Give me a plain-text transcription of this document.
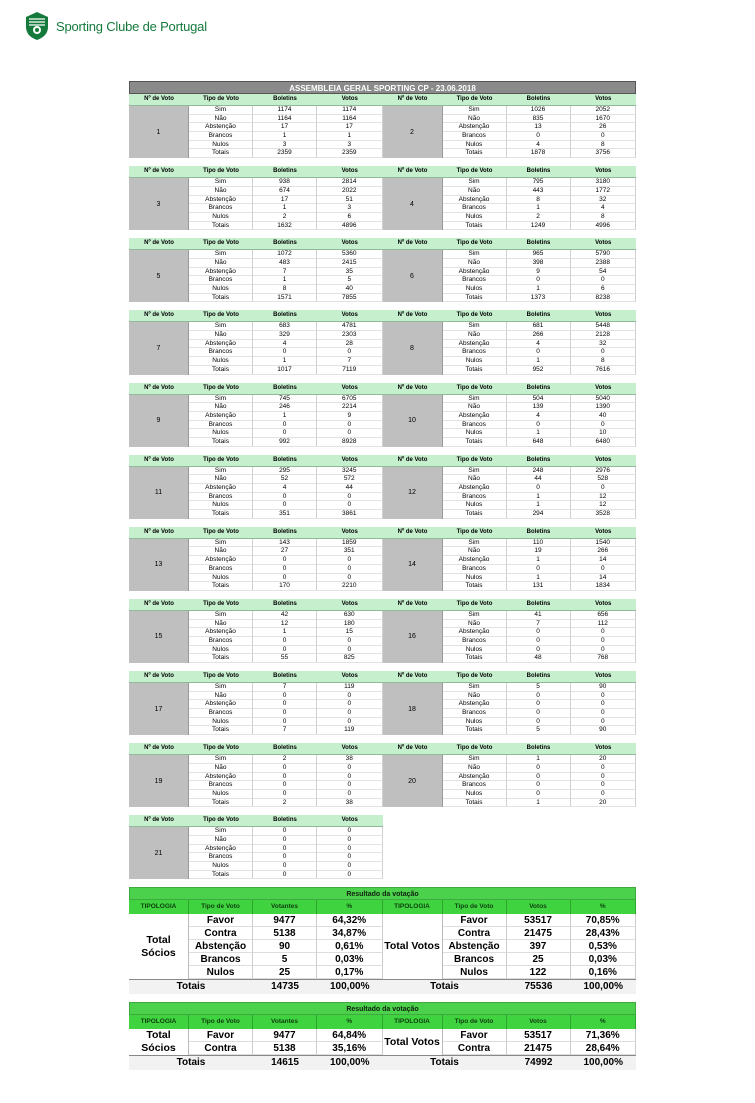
Sporting Clube de Portugal
ASSEMBLEIA GERAL SPORTING CP - 23.06.2018
Nº de Voto	Tipo de Voto	Boletins	Votos
1
Sim	1174	1174
Não	1164	1164
Abstenção	17	17
Brancos	1	1
Nulos	3	3
Totais	2359	2359
Nº de Voto	Tipo de Voto	Boletins	Votos
2
Sim	1026	2052
Não	835	1670
Abstenção	13	26
Brancos	0	0
Nulos	4	8
Totais	1878	3756
Nº de Voto	Tipo de Voto	Boletins	Votos
3
Sim	938	2814
Não	674	2022
Abstenção	17	51
Brancos	1	3
Nulos	2	6
Totais	1632	4896
Nº de Voto	Tipo de Voto	Boletins	Votos
4
Sim	795	3180
Não	443	1772
Abstenção	8	32
Brancos	1	4
Nulos	2	8
Totais	1249	4996
Nº de Voto	Tipo de Voto	Boletins	Votos
5
Sim	1072	5360
Não	483	2415
Abstenção	7	35
Brancos	1	5
Nulos	8	40
Totais	1571	7855
Nº de Voto	Tipo de Voto	Boletins	Votos
6
Sim	965	5790
Não	398	2388
Abstenção	9	54
Brancos	0	0
Nulos	1	6
Totais	1373	8238
Nº de Voto	Tipo de Voto	Boletins	Votos
7
Sim	683	4781
Não	329	2303
Abstenção	4	28
Brancos	0	0
Nulos	1	7
Totais	1017	7119
Nº de Voto	Tipo de Voto	Boletins	Votos
8
Sim	681	5448
Não	266	2128
Abstenção	4	32
Brancos	0	0
Nulos	1	8
Totais	952	7616
Nº de Voto	Tipo de Voto	Boletins	Votos
9
Sim	745	6705
Não	246	2214
Abstenção	1	9
Brancos	0	0
Nulos	0	0
Totais	992	8928
Nº de Voto	Tipo de Voto	Boletins	Votos
10
Sim	504	5040
Não	139	1390
Abstenção	4	40
Brancos	0	0
Nulos	1	10
Totais	648	6480
Nº de Voto	Tipo de Voto	Boletins	Votos
11
Sim	295	3245
Não	52	572
Abstenção	4	44
Brancos	0	0
Nulos	0	0
Totais	351	3861
Nº de Voto	Tipo de Voto	Boletins	Votos
12
Sim	248	2976
Não	44	528
Abstenção	0	0
Brancos	1	12
Nulos	1	12
Totais	294	3528
Nº de Voto	Tipo de Voto	Boletins	Votos
13
Sim	143	1859
Não	27	351
Abstenção	0	0
Brancos	0	0
Nulos	0	0
Totais	170	2210
Nº de Voto	Tipo de Voto	Boletins	Votos
14
Sim	110	1540
Não	19	266
Abstenção	1	14
Brancos	0	0
Nulos	1	14
Totais	131	1834
Nº de Voto	Tipo de Voto	Boletins	Votos
15
Sim	42	630
Não	12	180
Abstenção	1	15
Brancos	0	0
Nulos	0	0
Totais	55	825
Nº de Voto	Tipo de Voto	Boletins	Votos
16
Sim	41	656
Não	7	112
Abstenção	0	0
Brancos	0	0
Nulos	0	0
Totais	48	768
Nº de Voto	Tipo de Voto	Boletins	Votos
17
Sim	7	119
Não	0	0
Abstenção	0	0
Brancos	0	0
Nulos	0	0
Totais	7	119
Nº de Voto	Tipo de Voto	Boletins	Votos
18
Sim	5	90
Não	0	0
Abstenção	0	0
Brancos	0	0
Nulos	0	0
Totais	5	90
Nº de Voto	Tipo de Voto	Boletins	Votos
19
Sim	2	38
Não	0	0
Abstenção	0	0
Brancos	0	0
Nulos	0	0
Totais	2	38
Nº de Voto	Tipo de Voto	Boletins	Votos
20
Sim	1	20
Não	0	0
Abstenção	0	0
Brancos	0	0
Nulos	0	0
Totais	1	20
Nº de Voto	Tipo de Voto	Boletins	Votos
21
Sim	0	0
Não	0	0
Abstenção	0	0
Brancos	0	0
Nulos	0	0
Totais	0	0
Resultado da votação
TIPOLOGIA	Tipo de Voto	Votantes	%	TIPOLOGIA	Tipo de Voto	Votos	%
Total Sócios
Favor	9477	64,32%
Contra	5138	34,87%
Abstenção	90	0,61%
Brancos	5	0,03%
Nulos	25	0,17%
Total Votos
Favor	53517	70,85%
Contra	21475	28,43%
Abstenção	397	0,53%
Brancos	25	0,03%
Nulos	122	0,16%
Totais	14735	100,00%	Totais	75536	100,00%
Resultado da votação
TIPOLOGIA	Tipo de Voto	Votantes	%	TIPOLOGIA	Tipo de Voto	Votos	%
Total Sócios
Favor	9477	64,84%
Contra	5138	35,16%
Total Votos	Favor	53517	71,36%
Contra	21475	28,64%
Totais	14615	100,00%	Totais	74992	100,00%
